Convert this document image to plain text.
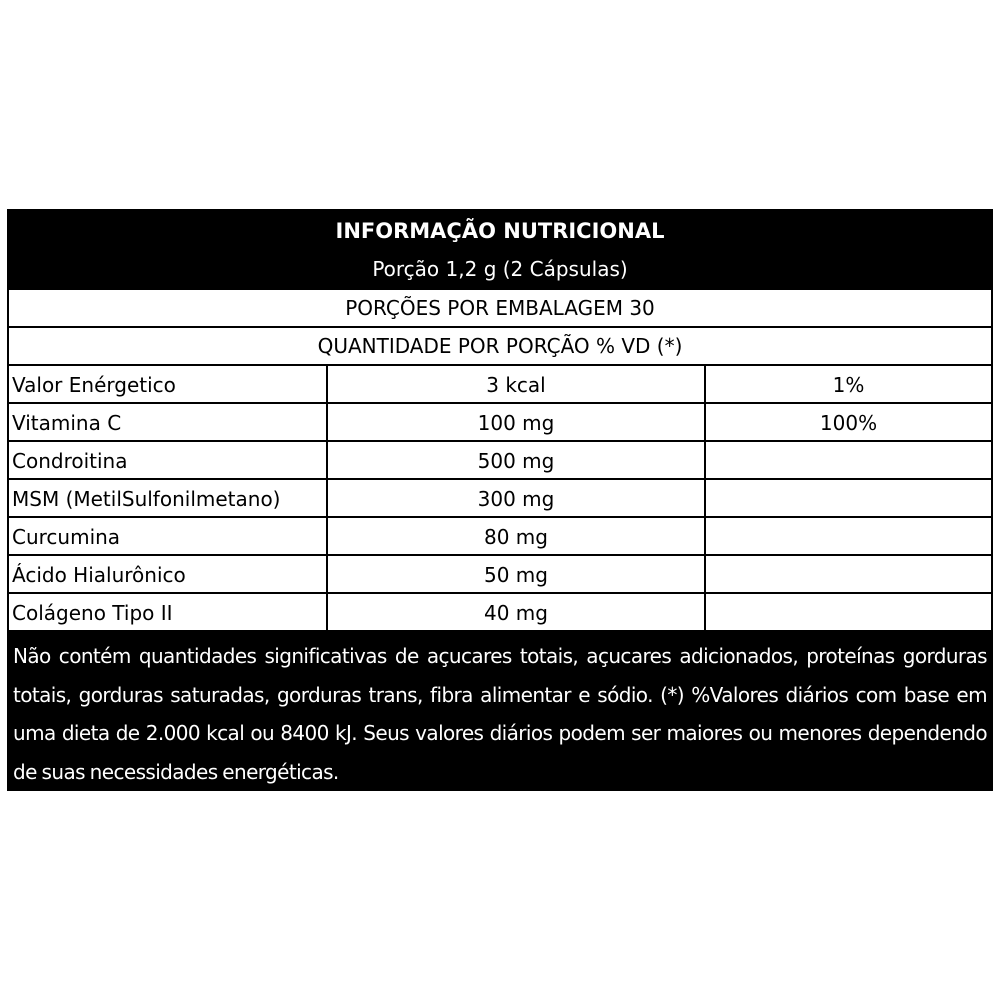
INFORMAÇÃO NUTRICIONAL
Porção 1,2 g (2 Cápsulas)
PORÇÕES POR EMBALAGEM 30
QUANTIDADE POR PORÇÃO % VD (*)
Valor Enérgetico	3 kcal	1%
Vitamina C	100 mg	100%
Condroitina	500 mg
MSM (MetilSulfonilmetano)	300 mg
Curcumina	80 mg
Ácido Hialurônico	50 mg
Colágeno Tipo II	40 mg

Não contém quantidades significativas de açucares totais, açucares adicionados, proteínas gorduras totais, gorduras saturadas, gorduras trans, fibra alimentar e sódio. (*) %Valores diários com base em uma dieta de 2.000 kcal ou 8400 kJ. Seus valores diários podem ser maiores ou menores dependendo de suas necessidades energéticas.
